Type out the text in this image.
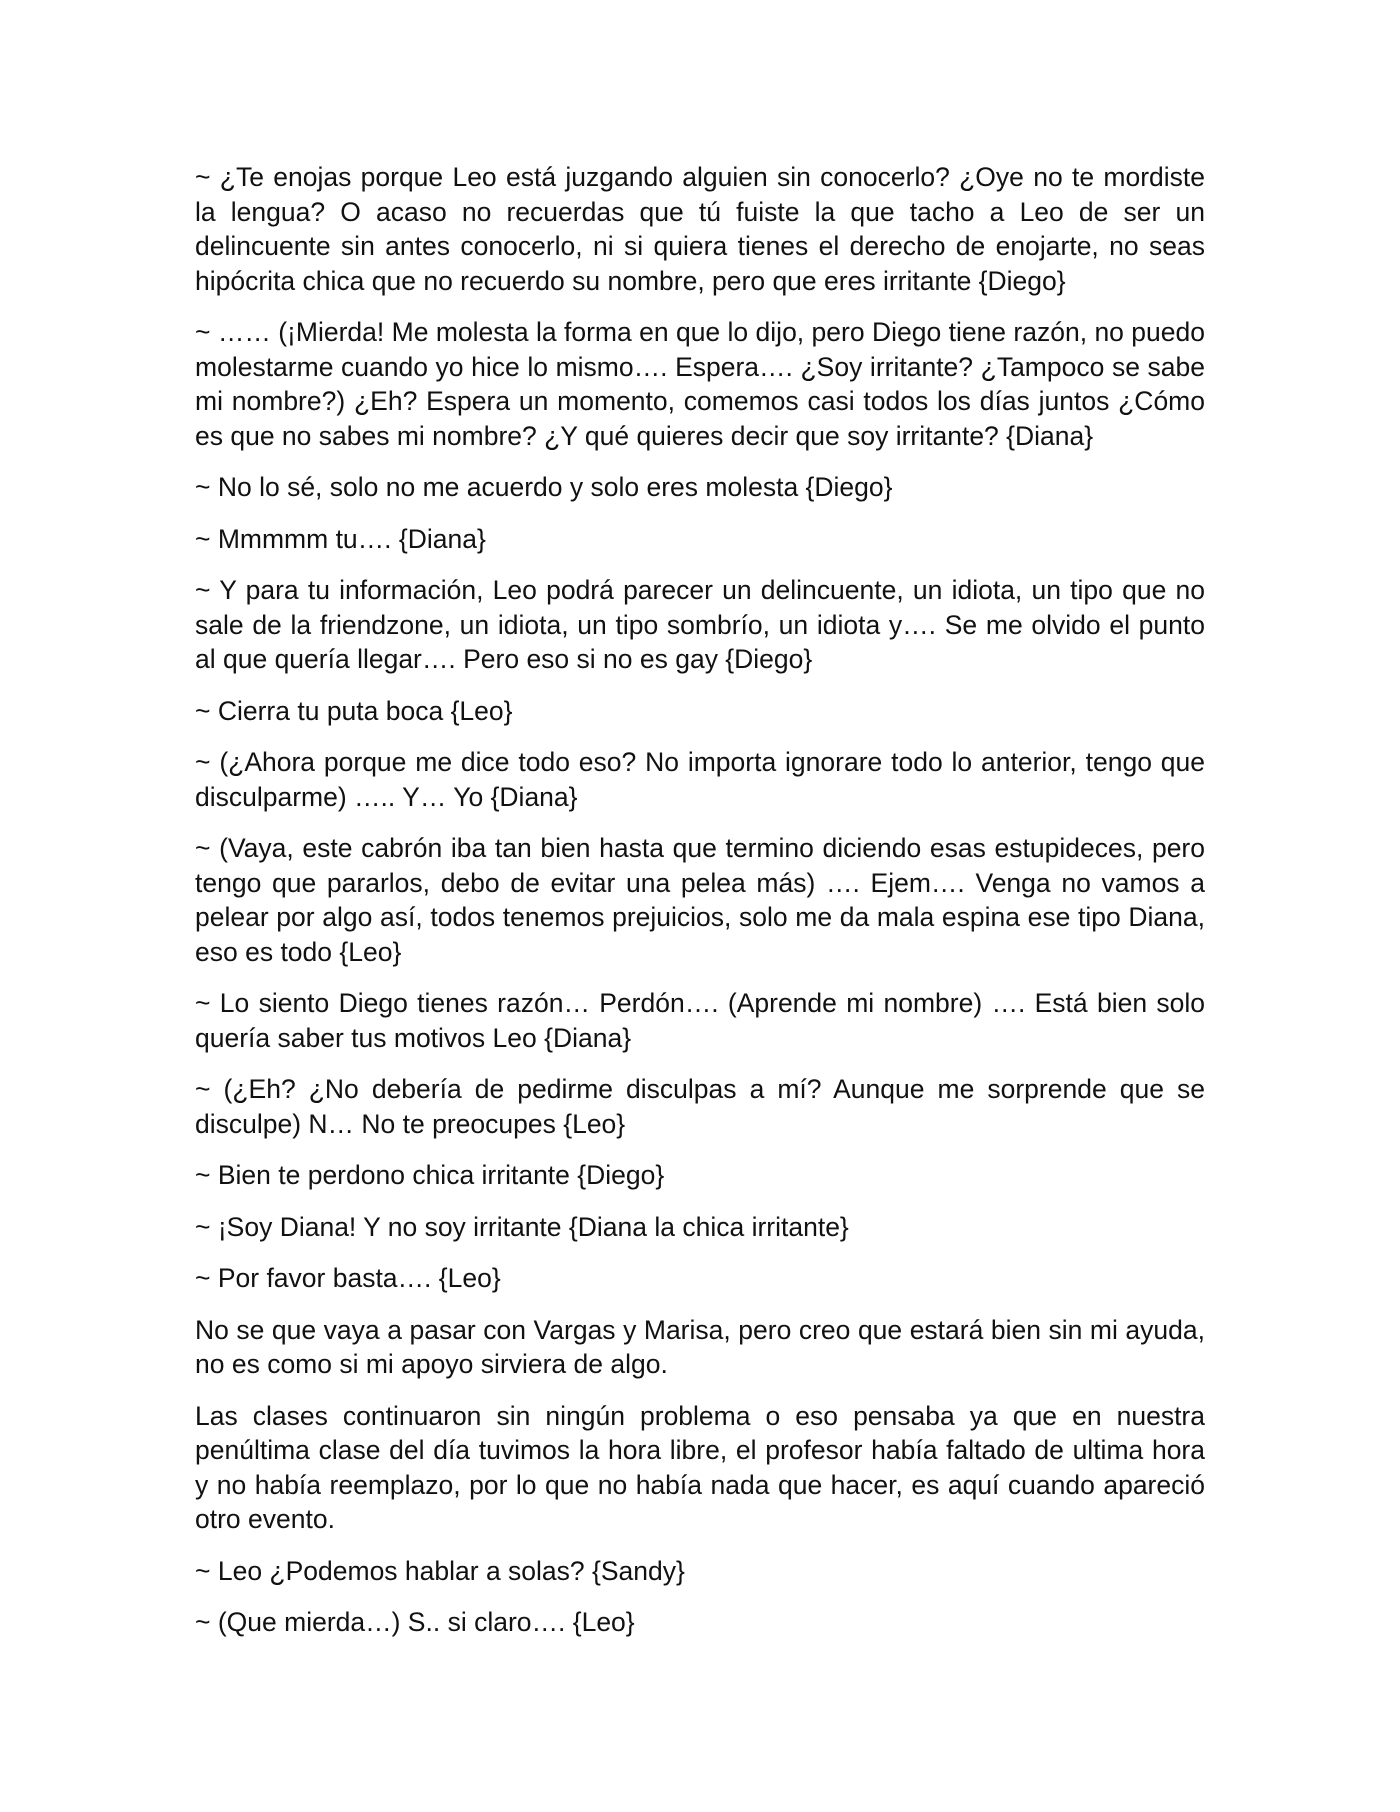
~ ¿Te enojas porque Leo está juzgando alguien sin conocerlo? ¿Oye no te mordiste la lengua? O acaso no recuerdas que tú fuiste la que tacho a Leo de ser un delincuente sin antes conocerlo, ni si quiera tienes el derecho de enojarte, no seas hipócrita chica que no recuerdo su nombre, pero que eres irritante {Diego}

~ …… (¡Mierda! Me molesta la forma en que lo dijo, pero Diego tiene razón, no puedo molestarme cuando yo hice lo mismo…. Espera…. ¿Soy irritante? ¿Tampoco se sabe mi nombre?) ¿Eh? Espera un momento, comemos casi todos los días juntos ¿Cómo es que no sabes mi nombre? ¿Y qué quieres decir que soy irritante? {Diana}

~ No lo sé, solo no me acuerdo y solo eres molesta {Diego}

~ Mmmmm tu…. {Diana}

~ Y para tu información, Leo podrá parecer un delincuente, un idiota, un tipo que no sale de la friendzone, un idiota, un tipo sombrío, un idiota y…. Se me olvido el punto al que quería llegar…. Pero eso si no es gay {Diego}

~ Cierra tu puta boca {Leo}

~ (¿Ahora porque me dice todo eso? No importa ignorare todo lo anterior, tengo que disculparme) ….. Y… Yo {Diana}

~ (Vaya, este cabrón iba tan bien hasta que termino diciendo esas estupideces, pero tengo que pararlos, debo de evitar una pelea más) …. Ejem…. Venga no vamos a pelear por algo así, todos tenemos prejuicios, solo me da mala espina ese tipo Diana, eso es todo {Leo}

~ Lo siento Diego tienes razón… Perdón…. (Aprende mi nombre) …. Está bien solo quería saber tus motivos Leo {Diana}

~ (¿Eh? ¿No debería de pedirme disculpas a mí? Aunque me sorprende que se disculpe) N… No te preocupes {Leo}

~ Bien te perdono chica irritante {Diego}

~ ¡Soy Diana! Y no soy irritante {Diana la chica irritante}

~ Por favor basta…. {Leo}

No se que vaya a pasar con Vargas y Marisa, pero creo que estará bien sin mi ayuda, no es como si mi apoyo sirviera de algo.

Las clases continuaron sin ningún problema o eso pensaba ya que en nuestra penúltima clase del día tuvimos la hora libre, el profesor había faltado de ultima hora y no había reemplazo, por lo que no había nada que hacer, es aquí cuando apareció otro evento.

~ Leo ¿Podemos hablar a solas? {Sandy}

~ (Que mierda…) S.. si claro…. {Leo}
